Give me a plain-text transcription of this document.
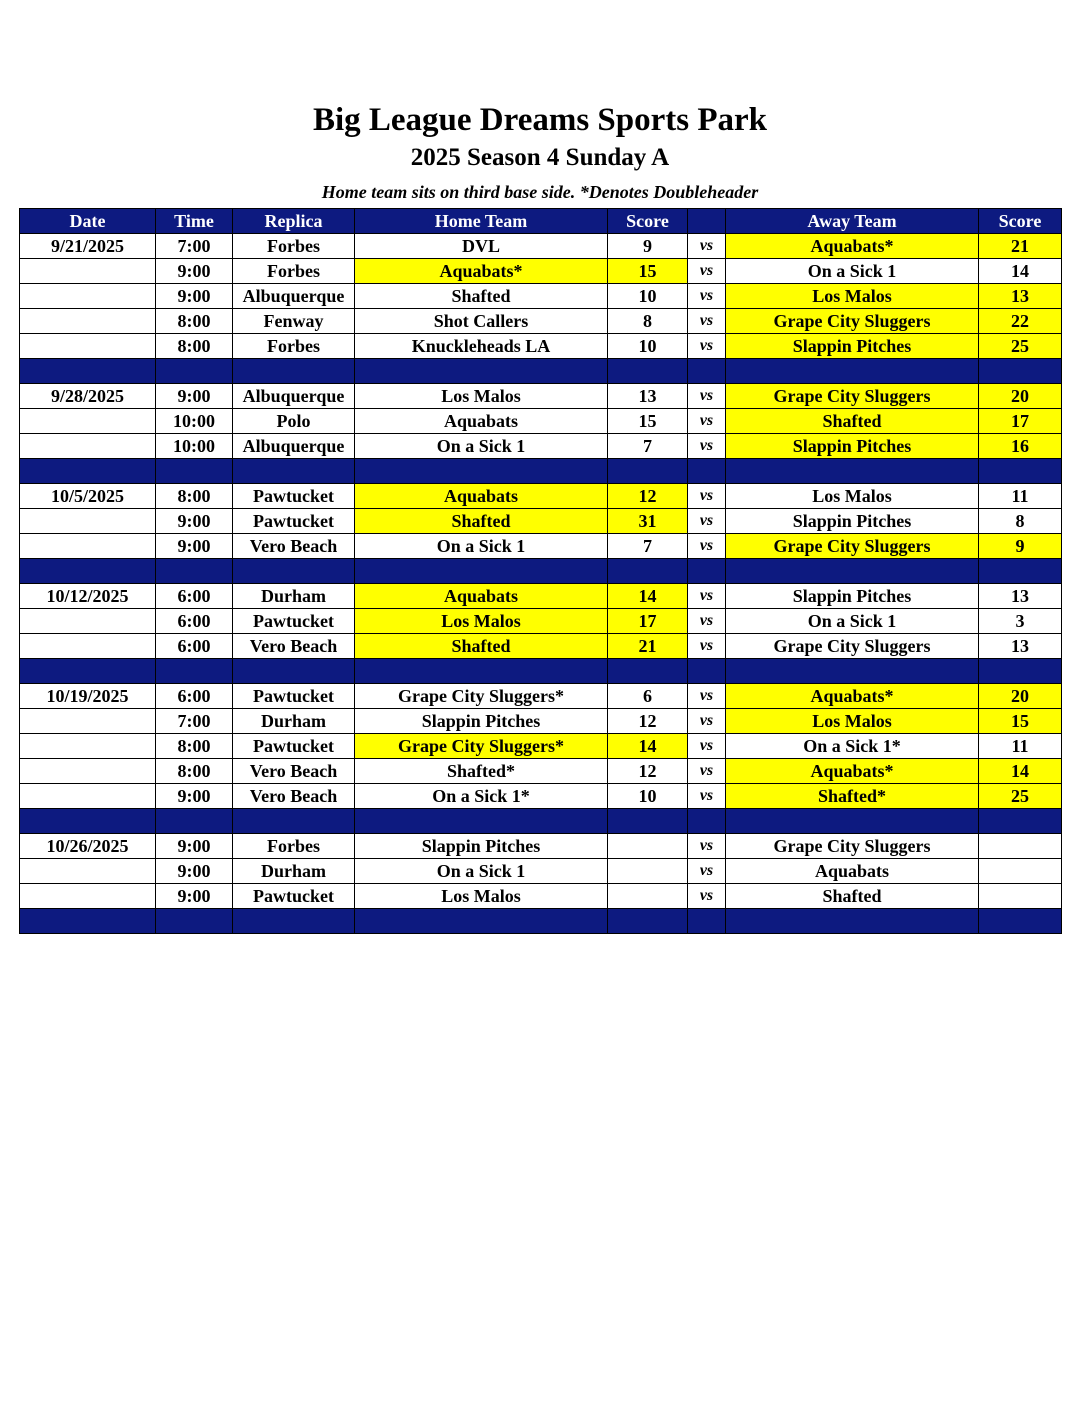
Big League Dreams Sports Park
2025 Season 4 Sunday A
Home team sits on third base side. *Denotes Doubleheader
Date	Time	Replica	Home Team	Score		Away Team	Score
9/21/2025	7:00	Forbes	DVL	9	vs	Aquabats*	21
	9:00	Forbes	Aquabats*	15	vs	On a Sick 1	14
	9:00	Albuquerque	Shafted	10	vs	Los Malos	13
	8:00	Fenway	Shot Callers	8	vs	Grape City Sluggers	22
	8:00	Forbes	Knuckleheads LA	10	vs	Slappin Pitches	25

9/28/2025	9:00	Albuquerque	Los Malos	13	vs	Grape City Sluggers	20
	10:00	Polo	Aquabats	15	vs	Shafted	17
	10:00	Albuquerque	On a Sick 1	7	vs	Slappin Pitches	16

10/5/2025	8:00	Pawtucket	Aquabats	12	vs	Los Malos	11
	9:00	Pawtucket	Shafted	31	vs	Slappin Pitches	8
	9:00	Vero Beach	On a Sick 1	7	vs	Grape City Sluggers	9

10/12/2025	6:00	Durham	Aquabats	14	vs	Slappin Pitches	13
	6:00	Pawtucket	Los Malos	17	vs	On a Sick 1	3
	6:00	Vero Beach	Shafted	21	vs	Grape City Sluggers	13

10/19/2025	6:00	Pawtucket	Grape City Sluggers*	6	vs	Aquabats*	20
	7:00	Durham	Slappin Pitches	12	vs	Los Malos	15
	8:00	Pawtucket	Grape City Sluggers*	14	vs	On a Sick 1*	11
	8:00	Vero Beach	Shafted*	12	vs	Aquabats*	14
	9:00	Vero Beach	On a Sick 1*	10	vs	Shafted*	25

10/26/2025	9:00	Forbes	Slappin Pitches		vs	Grape City Sluggers	
	9:00	Durham	On a Sick 1		vs	Aquabats	
	9:00	Pawtucket	Los Malos		vs	Shafted	
